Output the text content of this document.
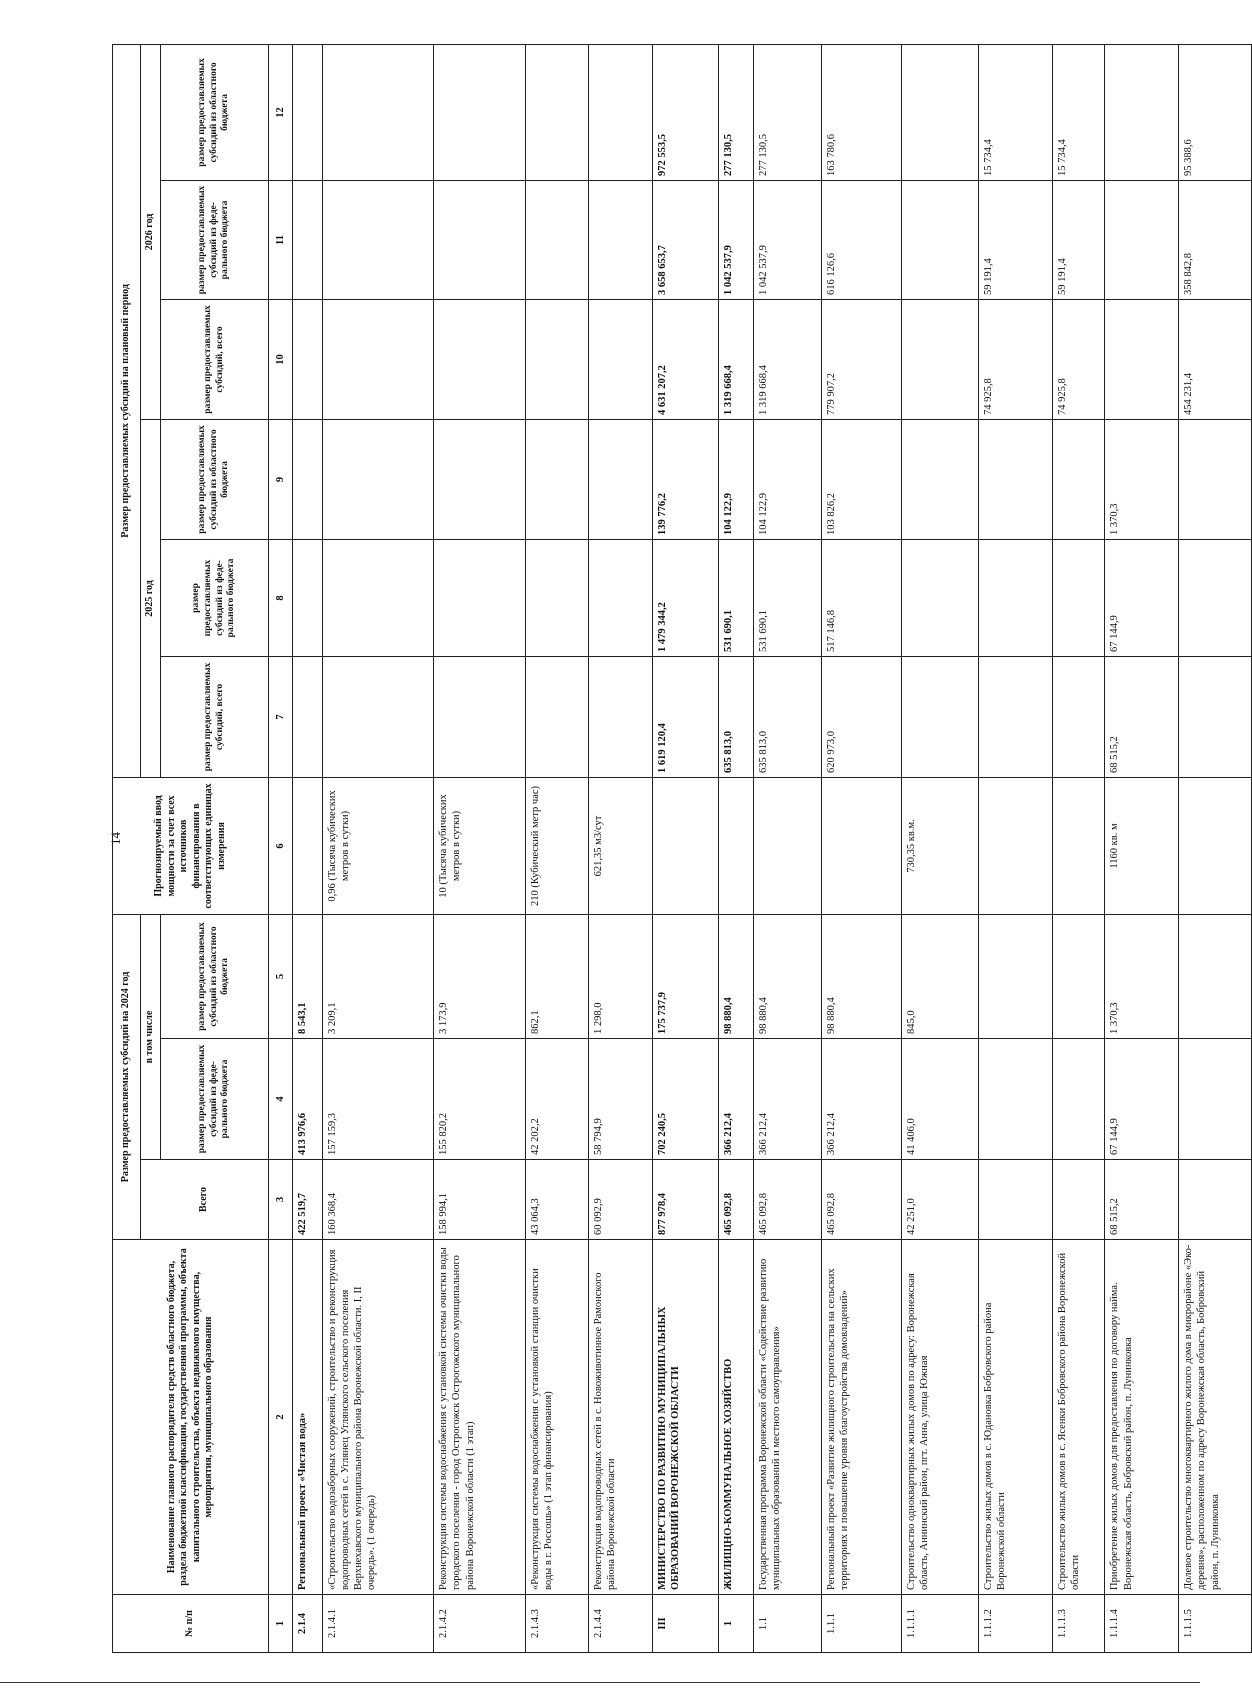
14
№ п/п	Наименование главного распорядителя средств областного бюджета, раздела бюджетной классификации, государственной программы, объекта капитального строительства, объекта недвижимого имущества, мероприятия, муниципального образования	Размер предоставляемых субсидий на 2024 год			Прогнозируемый ввод мощности за счет всех источников финансирования в соответствующих единицах измерения	Размер предоставляемых субсидий на плановый период					
		Всего	в том числе			2025 год			2026 год		
			размер предоставляемых субсидий из феде-рального бюджета	размер предоставляемых субсидий из областного бюджета		размер предоставляемых субсидий, всего	размер предоставляемых субсидий из феде-рального бюджета	размер предоставляемых субсидий из областного бюджета	размер предоставляемых субсидий, всего	размер предоставляемых субсидий из феде-рального бюджета	размер предоставляемых субсидий из областного бюджета
1	2	3	4	5	6	7	8	9	10	11	12
2.1.4	Региональный проект «Чистая вода»	422 519,7	413 976,6	8 543,1							
2.1.4.1	«Строительство водозаборных сооружений, строительство и реконструкция водопроводных сетей в с. Углянец Углянского сельского поселения Верхнехавского муниципального района Воронежской области. I, II очередь». (1 очередь)	160 368,4	157 159,3	3 209,1	0,96 (Тысяча кубических метров в сутки)						
2.1.4.2	Реконструкция системы водоснабжения с установкой системы очистки воды городского поселения - город Острогожск Острогожского муниципального района Воронежской области (1 этап)	158 994,1	155 820,2	3 173,9	10 (Тысяча кубических метров в сутки)						
2.1.4.3	«Реконструкция системы водоснабжения с установкой станции очистки воды в г. Россошь» (1 этап финансирования)	43 064,3	42 202,2	862,1	210 (Кубический метр час)						
2.1.4.4	Реконструкция водопроводных сетей в с. Новоживотинное Рамонского района Воронежской области	60 092,9	58 794,9	1 298,0	621,35 м3/сут						
III	МИНИСТЕРСТВО ПО РАЗВИТИЮ МУНИЦИПАЛЬНЫХ ОБРАЗОВАНИЙ ВОРОНЕЖСКОЙ ОБЛАСТИ	877 978,4	702 240,5	175 737,9		1 619 120,4	1 479 344,2	139 776,2	4 631 207,2	3 658 653,7	972 553,5
1	ЖИЛИЩНО-КОММУНАЛЬНОЕ ХОЗЯЙСТВО	465 092,8	366 212,4	98 880,4		635 813,0	531 690,1	104 122,9	1 319 668,4	1 042 537,9	277 130,5
1.1	Государственная программа Воронежской области «Содействие развитию муниципальных образований и местного самоуправления»	465 092,8	366 212,4	98 880,4		635 813,0	531 690,1	104 122,9	1 319 668,4	1 042 537,9	277 130,5
1.1.1	Региональный проект «Развитие жилищного строительства на сельских территориях и повышение уровня благоустройства домовладений»	465 092,8	366 212,4	98 880,4		620 973,0	517 146,8	103 826,2	779 907,2	616 126,6	163 780,6
1.1.1.1	Строительство одноквартирных жилых домов по адресу: Воронежская область, Аннинский район, пгт. Анна, улица Южная	42 251,0	41 406,0	845,0	730,35 кв.м.						
1.1.1.2	Строительство жилых домов в с. Юдановка Бобровского района Воронежской области								74 925,8	59 191,4	15 734,4
1.1.1.3	Строительство жилых домов в с. Ясенки Бобровского района Воронежской области								74 925,8	59 191,4	15 734,4
1.1.1.4	Приобретение жилых домов для предоставления по договору найма. Воронежская область, Бобровский район, п. Лунинковка	68 515,2	67 144,9	1 370,3	1160 кв. м	68 515,2	67 144,9	1 370,3			
1.1.1.5	Долевое строительство многоквартирного жилого дома в микрорайоне «Эко-деревня», расположенном по адресу Воронежская область, Бобровский район, п. Лунинковка								454 231,4	358 842,8	95 388,6
